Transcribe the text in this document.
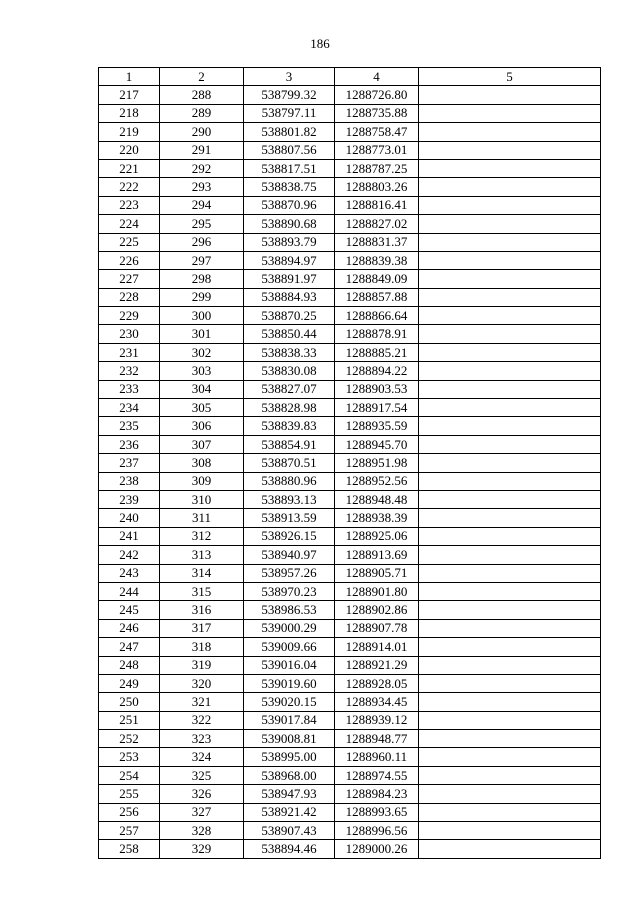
186
1	2	3	4	5
217	288	538799.32	1288726.80	
218	289	538797.11	1288735.88	
219	290	538801.82	1288758.47	
220	291	538807.56	1288773.01	
221	292	538817.51	1288787.25	
222	293	538838.75	1288803.26	
223	294	538870.96	1288816.41	
224	295	538890.68	1288827.02	
225	296	538893.79	1288831.37	
226	297	538894.97	1288839.38	
227	298	538891.97	1288849.09	
228	299	538884.93	1288857.88	
229	300	538870.25	1288866.64	
230	301	538850.44	1288878.91	
231	302	538838.33	1288885.21	
232	303	538830.08	1288894.22	
233	304	538827.07	1288903.53	
234	305	538828.98	1288917.54	
235	306	538839.83	1288935.59	
236	307	538854.91	1288945.70	
237	308	538870.51	1288951.98	
238	309	538880.96	1288952.56	
239	310	538893.13	1288948.48	
240	311	538913.59	1288938.39	
241	312	538926.15	1288925.06	
242	313	538940.97	1288913.69	
243	314	538957.26	1288905.71	
244	315	538970.23	1288901.80	
245	316	538986.53	1288902.86	
246	317	539000.29	1288907.78	
247	318	539009.66	1288914.01	
248	319	539016.04	1288921.29	
249	320	539019.60	1288928.05	
250	321	539020.15	1288934.45	
251	322	539017.84	1288939.12	
252	323	539008.81	1288948.77	
253	324	538995.00	1288960.11	
254	325	538968.00	1288974.55	
255	326	538947.93	1288984.23	
256	327	538921.42	1288993.65	
257	328	538907.43	1288996.56	
258	329	538894.46	1289000.26	
